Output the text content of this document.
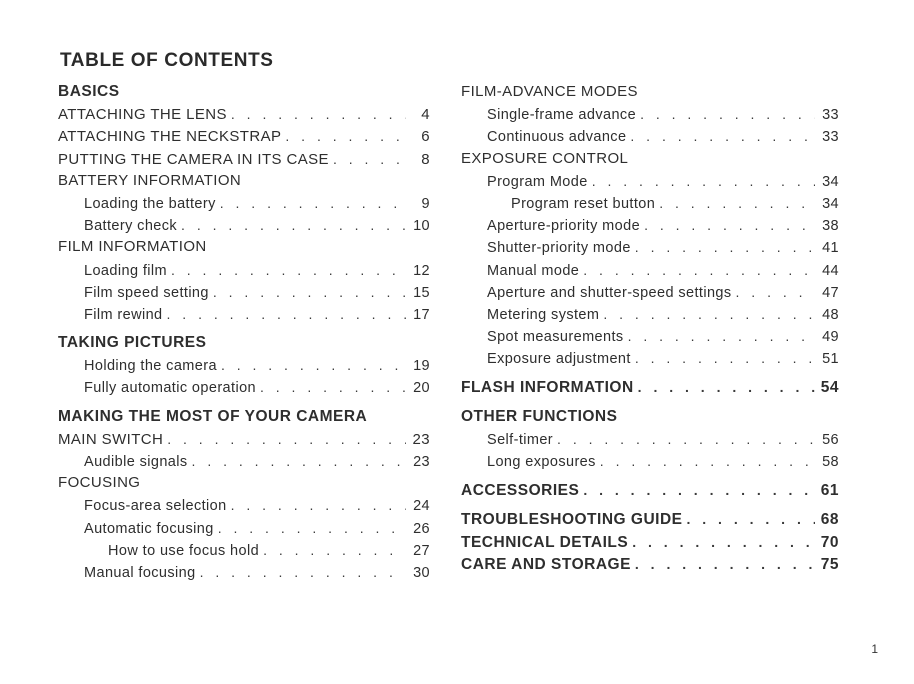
TABLE OF CONTENTS
BASICS
ATTACHING THE LENS . . .	4
ATTACHING THE NECKSTRAP . . .	6
PUTTING THE CAMERA IN ITS CASE . . .	8
BATTERY INFORMATION
Loading the battery . . .	9
Battery check . . .	10
FILM INFORMATION
Loading film . . .	12
Film speed setting . . .	15
Film rewind . . .	17
TAKING PICTURES
Holding the camera . . .	19
Fully automatic operation . . .	20
MAKING THE MOST OF YOUR CAMERA
MAIN SWITCH . . .	23
Audible signals . . .	23
FOCUSING
Focus-area selection . . .	24
Automatic focusing . . .	26
How to use focus hold . . .	27
Manual focusing . . .	30
FILM-ADVANCE MODES
Single-frame advance . . .	33
Continuous advance . . .	33
EXPOSURE CONTROL
Program Mode . . .	34
Program reset button . . .	34
Aperture-priority mode . . .	38
Shutter-priority mode . . .	41
Manual mode . . .	44
Aperture and shutter-speed settings . . .	47
Metering system . . .	48
Spot measurements . . .	49
Exposure adjustment . . .	51
FLASH INFORMATION . . .	54
OTHER FUNCTIONS
Self-timer . . .	56
Long exposures . . .	58
ACCESSORIES . . .	61
TROUBLESHOOTING GUIDE . . .	68
TECHNICAL DETAILS . . .	70
CARE AND STORAGE . . .	75
1
